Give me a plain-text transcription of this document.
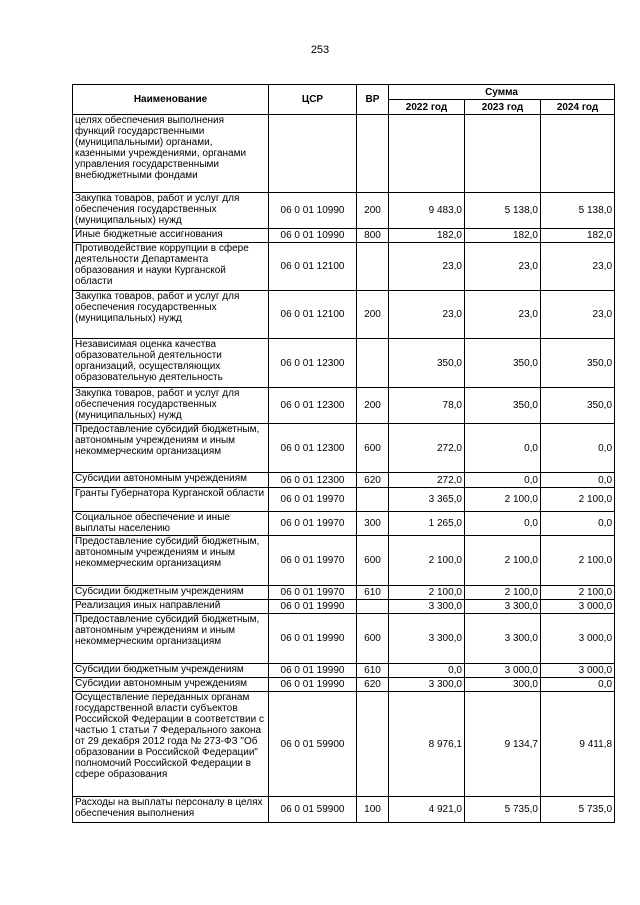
253
Наименование	ЦСР	ВР	Сумма		
			2022 год	2023 год	2024 год
целях обеспечения выполнения функций государственными (муниципальными) органами, казенными учреждениями, органами управления государственными внебюджетными фондами					
Закупка товаров, работ и услуг для обеспечения государственных (муниципальных) нужд	06 0 01 10990	200	9 483,0	5 138,0	5 138,0
Иные бюджетные ассигнования	06 0 01 10990	800	182,0	182,0	182,0
Противодействие коррупции в сфере деятельности Департамента образования и науки Курганской области	06 0 01 12100		23,0	23,0	23,0
Закупка товаров, работ и услуг для обеспечения государственных (муниципальных) нужд	06 0 01 12100	200	23,0	23,0	23,0
Независимая оценка качества образовательной деятельности организаций, осуществляющих образовательную деятельность	06 0 01 12300		350,0	350,0	350,0
Закупка товаров, работ и услуг для обеспечения государственных (муниципальных) нужд	06 0 01 12300	200	78,0	350,0	350,0
Предоставление субсидий бюджетным, автономным учреждениям и иным некоммерческим организациям	06 0 01 12300	600	272,0	0,0	0,0
Субсидии автономным учреждениям	06 0 01 12300	620	272,0	0,0	0,0
Гранты Губернатора Курганской области	06 0 01 19970		3 365,0	2 100,0	2 100,0
Социальное обеспечение и иные выплаты населению	06 0 01 19970	300	1 265,0	0,0	0,0
Предоставление субсидий бюджетным, автономным учреждениям и иным некоммерческим организациям	06 0 01 19970	600	2 100,0	2 100,0	2 100,0
Субсидии бюджетным учреждениям	06 0 01 19970	610	2 100,0	2 100,0	2 100,0
Реализация иных направлений	06 0 01 19990		3 300,0	3 300,0	3 000,0
Предоставление субсидий бюджетным, автономным учреждениям и иным некоммерческим организациям	06 0 01 19990	600	3 300,0	3 300,0	3 000,0
Субсидии бюджетным учреждениям	06 0 01 19990	610	0,0	3 000,0	3 000,0
Субсидии автономным учреждениям	06 0 01 19990	620	3 300,0	300,0	0,0
Осуществление переданных органам государственной власти субъектов Российской Федерации в соответствии с частью 1 статьи 7 Федерального закона от 29 декабря 2012 года № 273-ФЗ "Об образовании в Российской Федерации" полномочий Российской Федерации в сфере образования	06 0 01 59900		8 976,1	9 134,7	9 411,8
Расходы на выплаты персоналу в целях обеспечения выполнения	06 0 01 59900	100	4 921,0	5 735,0	5 735,0
